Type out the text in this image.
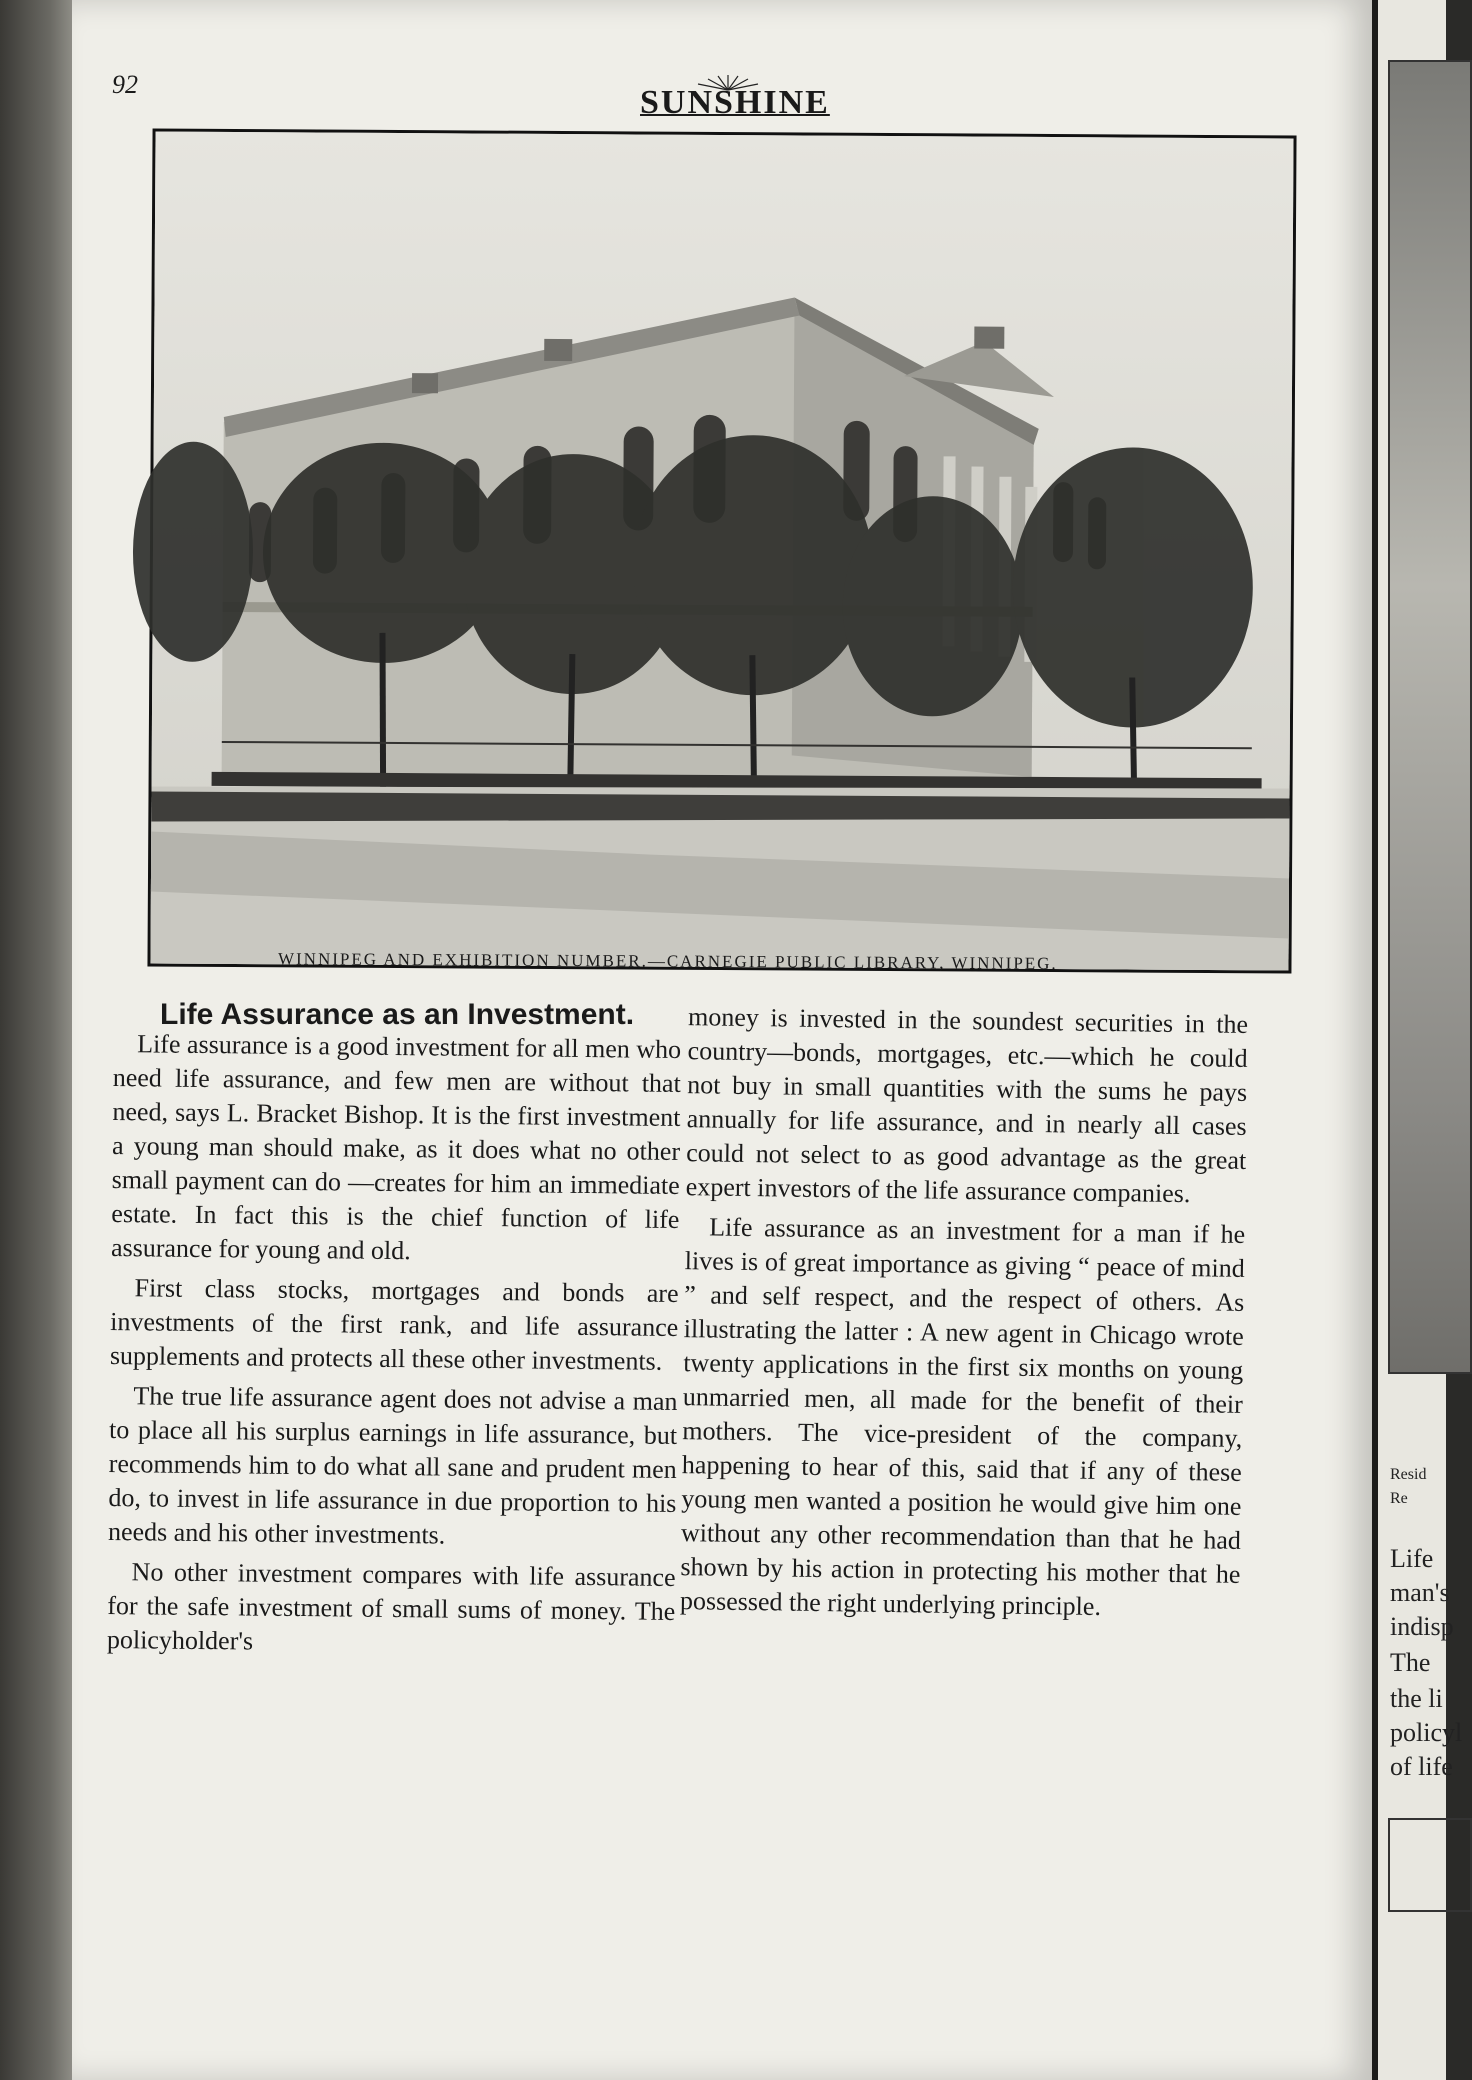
92	SUNSHINE
WINNIPEG AND EXHIBITION NUMBER.—CARNEGIE PUBLIC LIBRARY, WINNIPEG.
Life Assurance as an Investment.

Life assurance is a good investment for all men who need life assurance, and few men are without that need, says L. Bracket Bishop. It is the first investment a young man should make, as it does what no other small payment can do —creates for him an immediate estate. In fact this is the chief function of life assurance for young and old.

First class stocks, mortgages and bonds are investments of the first rank, and life assurance supplements and protects all these other investments.

The true life assurance agent does not advise a man to place all his surplus earnings in life assurance, but recommends him to do what all sane and prudent men do, to invest in life assurance in due proportion to his needs and his other investments.

No other investment compares with life assurance for the safe investment of small sums of money. The policyholder's

money is invested in the soundest securities in the country—bonds, mortgages, etc.—which he could not buy in small quantities with the sums he pays annually for life assurance, and in nearly all cases could not select to as good advantage as the great expert investors of the life assurance companies.

Life assurance as an investment for a man if he lives is of great importance as giving “ peace of mind ” and self respect, and the respect of others. As illustrating the latter : A new agent in Chicago wrote twenty applications in the first six months on young unmarried men, all made for the benefit of their mothers. The vice-president of the company, happening to hear of this, said that if any of these young men wanted a position he would give him one without any other recommendation than that he had shown by his action in protecting his mother that he possessed the right underlying principle.

Resid
Re
Life
man's
indisp
The
the li
policyl
of life
